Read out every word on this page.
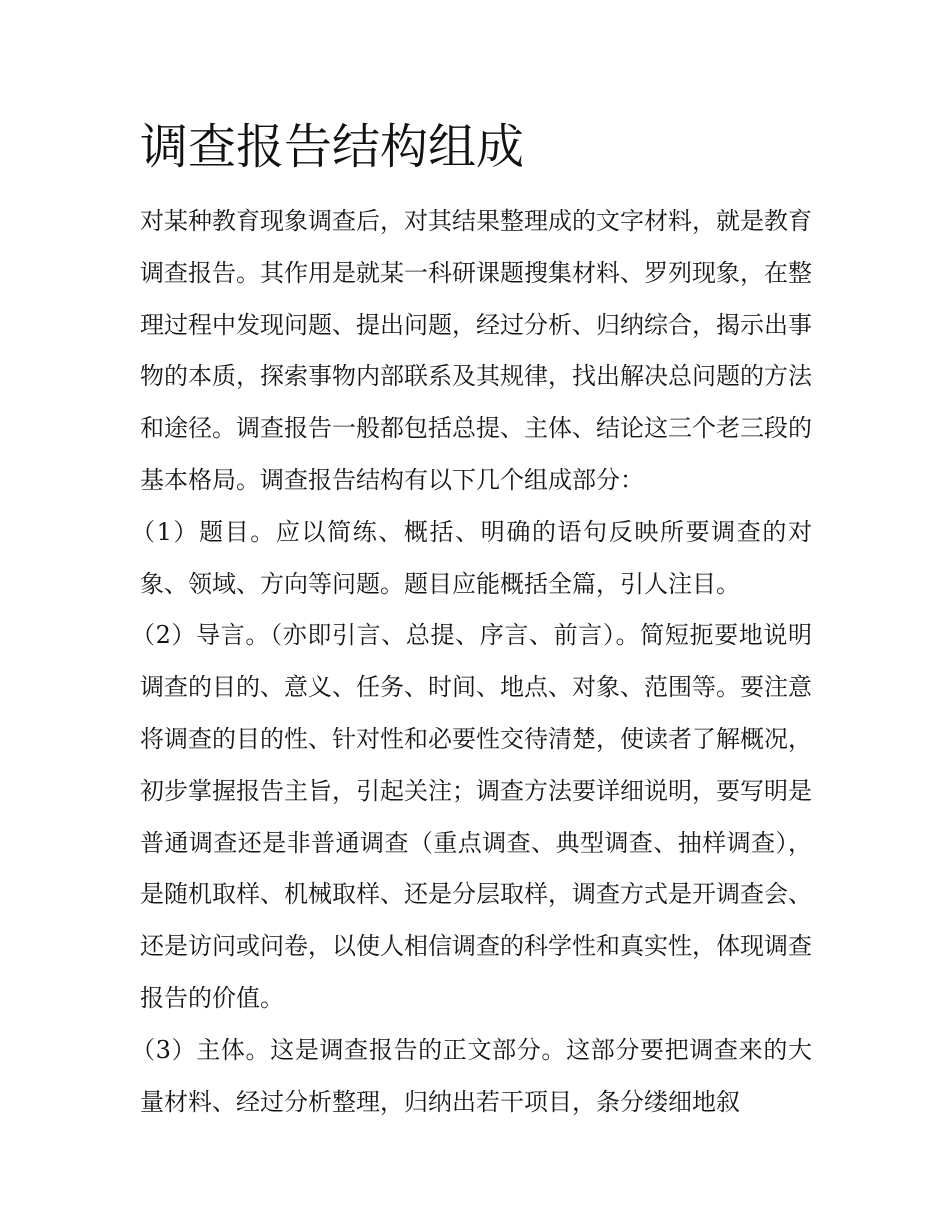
调查报告结构组成

对某种教育现象调查后，对其结果整理成的文字材料，就是教育调查报告。其作用是就某一科研课题搜集材料、罗列现象，在整理过程中发现问题、提出问题，经过分析、归纳综合，揭示出事物的本质，探索事物内部联系及其规律，找出解决总问题的方法和途径。调查报告一般都包括总提、主体、结论这三个老三段的基本格局。调查报告结构有以下几个组成部分：

（1）题目。应以简练、概括、明确的语句反映所要调查的对象、领域、方向等问题。题目应能概括全篇，引人注目。

（2）导言。（亦即引言、总提、序言、前言）。简短扼要地说明调查的目的、意义、任务、时间、地点、对象、范围等。要注意将调查的目的性、针对性和必要性交待清楚，使读者了解概况，初步掌握报告主旨，引起关注；调查方法要详细说明，要写明是普通调查还是非普通调查（重点调查、典型调查、抽样调查），是随机取样、机械取样、还是分层取样，调查方式是开调查会、还是访问或问卷，以使人相信调查的科学性和真实性，体现调查报告的价值。

（3）主体。这是调查报告的正文部分。这部分要把调查来的大量材料、经过分析整理，归纳出若干项目，条分缕细地叙
